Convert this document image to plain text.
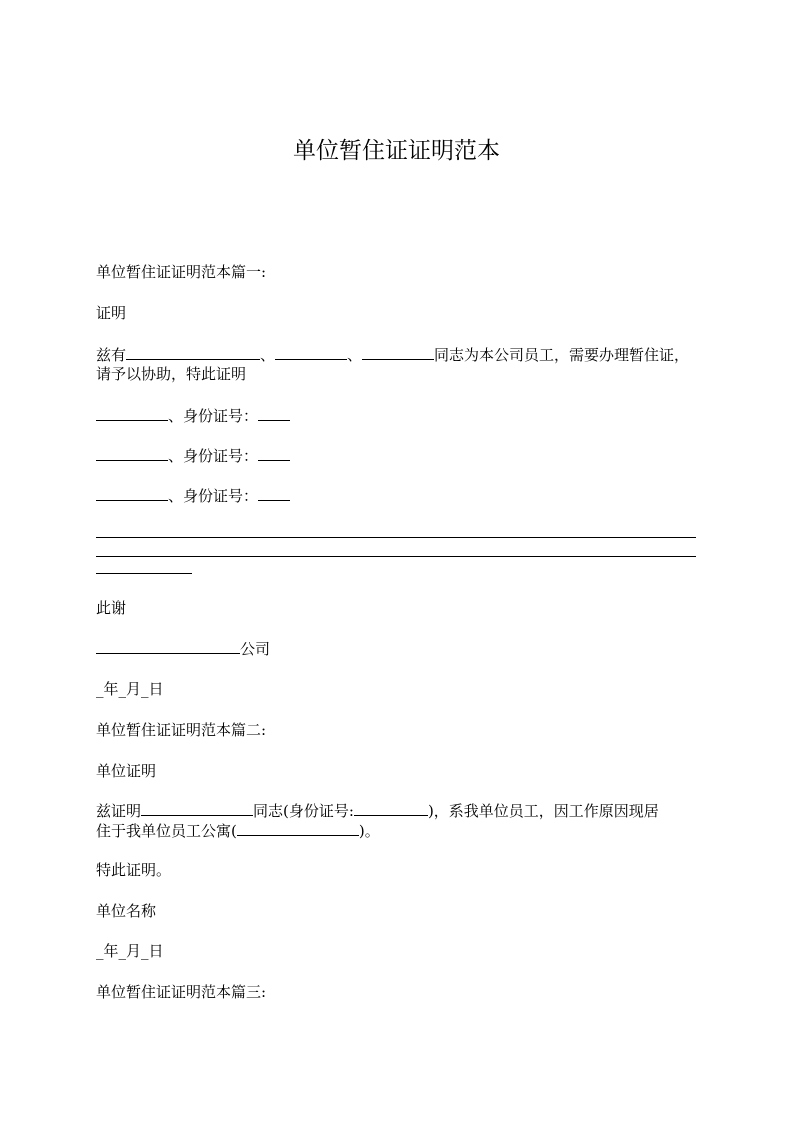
单位暂住证证明范本
单位暂住证证明范本篇一:
证明
兹有	、	、	同志为本公司员工，需要办理暂住证，
请予以协助，特此证明
、身份证号：
、身份证号：
、身份证号：
此谢
公司
_年_月_日
单位暂住证证明范本篇二:
单位证明
兹证明	同志(身份证号:	)，系我单位员工，因工作原因现居
住于我单位员工公寓(	)。
特此证明。
单位名称
_年_月_日
单位暂住证证明范本篇三:
